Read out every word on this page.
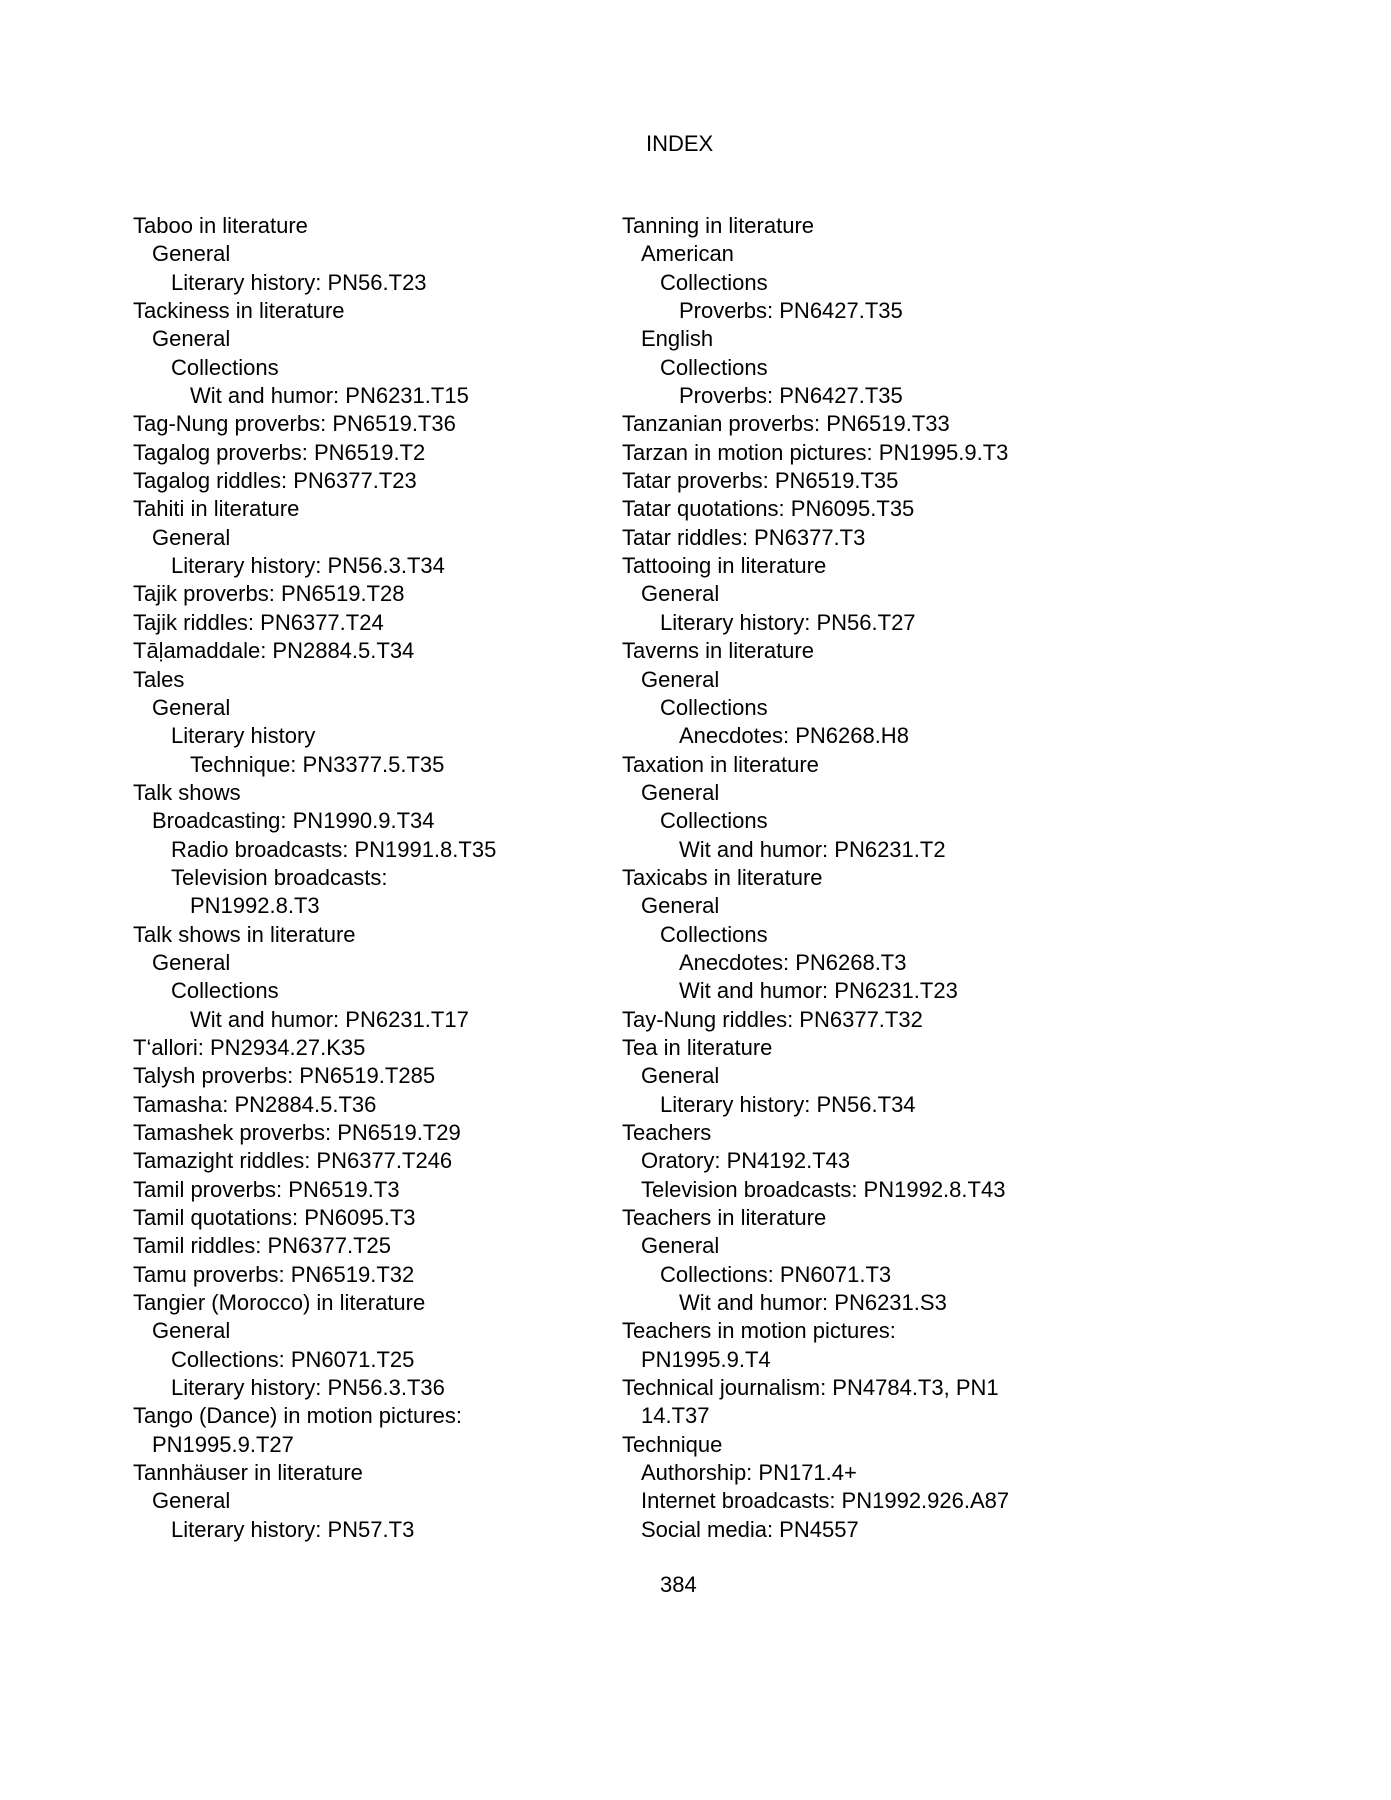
INDEX
Taboo in literature
General
Literary history: PN56.T23
Tackiness in literature
General
Collections
Wit and humor: PN6231.T15
Tag-Nung proverbs: PN6519.T36
Tagalog proverbs: PN6519.T2
Tagalog riddles: PN6377.T23
Tahiti in literature
General
Literary history: PN56.3.T34
Tajik proverbs: PN6519.T28
Tajik riddles: PN6377.T24
Tāḷamaddale: PN2884.5.T34
Tales
General
Literary history
Technique: PN3377.5.T35
Talk shows
Broadcasting: PN1990.9.T34
Radio broadcasts: PN1991.8.T35
Television broadcasts:
PN1992.8.T3
Talk shows in literature
General
Collections
Wit and humor: PN6231.T17
T‘allori: PN2934.27.K35
Talysh proverbs: PN6519.T285
Tamasha: PN2884.5.T36
Tamashek proverbs: PN6519.T29
Tamazight riddles: PN6377.T246
Tamil proverbs: PN6519.T3
Tamil quotations: PN6095.T3
Tamil riddles: PN6377.T25
Tamu proverbs: PN6519.T32
Tangier (Morocco) in literature
General
Collections: PN6071.T25
Literary history: PN56.3.T36
Tango (Dance) in motion pictures:
PN1995.9.T27
Tannhäuser in literature
General
Literary history: PN57.T3
Tanning in literature
American
Collections
Proverbs: PN6427.T35
English
Collections
Proverbs: PN6427.T35
Tanzanian proverbs: PN6519.T33
Tarzan in motion pictures: PN1995.9.T3
Tatar proverbs: PN6519.T35
Tatar quotations: PN6095.T35
Tatar riddles: PN6377.T3
Tattooing in literature
General
Literary history: PN56.T27
Taverns in literature
General
Collections
Anecdotes: PN6268.H8
Taxation in literature
General
Collections
Wit and humor: PN6231.T2
Taxicabs in literature
General
Collections
Anecdotes: PN6268.T3
Wit and humor: PN6231.T23
Tay-Nung riddles: PN6377.T32
Tea in literature
General
Literary history: PN56.T34
Teachers
Oratory: PN4192.T43
Television broadcasts: PN1992.8.T43
Teachers in literature
General
Collections: PN6071.T3
Wit and humor: PN6231.S3
Teachers in motion pictures:
PN1995.9.T4
Technical journalism: PN4784.T3, PN1
14.T37
Technique
Authorship: PN171.4+
Internet broadcasts: PN1992.926.A87
Social media: PN4557
384
